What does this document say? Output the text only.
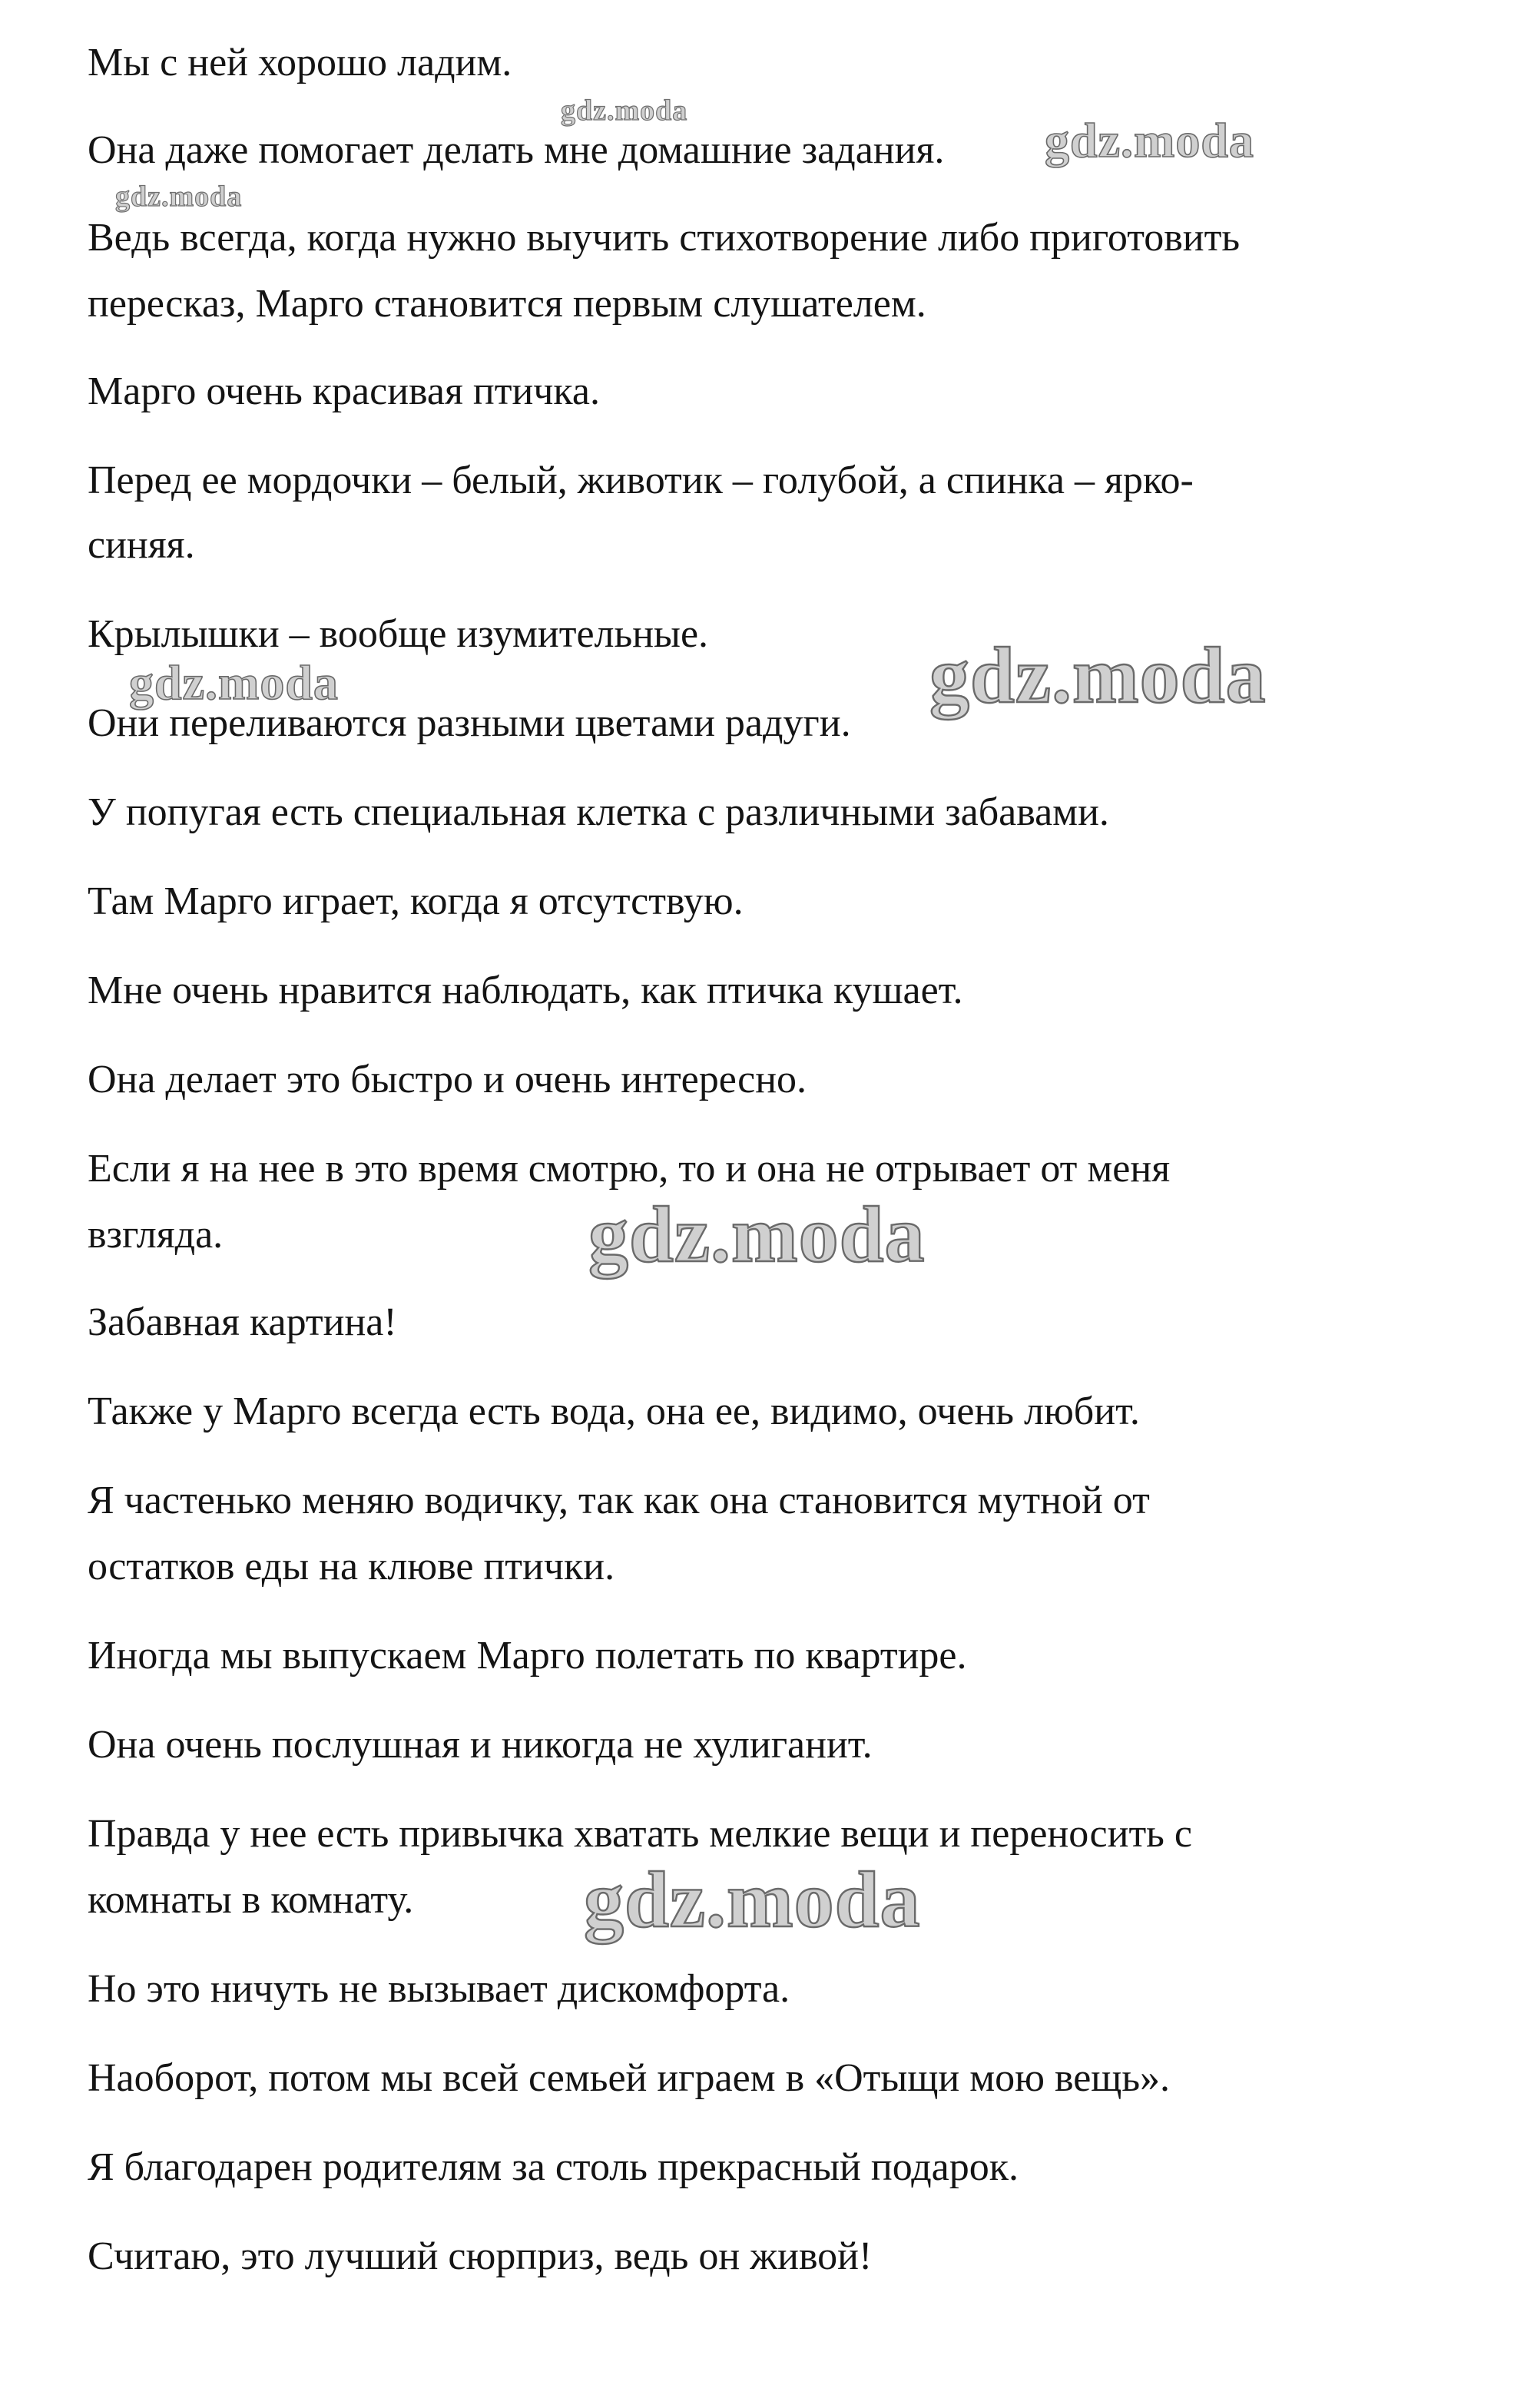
Мы с ней хорошо ладим.
Она даже помогает делать мне домашние задания.
Ведь всегда, когда нужно выучить стихотворение либо приготовить
пересказ, Марго становится первым слушателем.
Марго очень красивая птичка.
Перед ее мордочки – белый, животик – голубой, а спинка – ярко-
синяя.
Крылышки – вообще изумительные.
Они переливаются разными цветами радуги.
У попугая есть специальная клетка с различными забавами.
Там Марго играет, когда я отсутствую.
Мне очень нравится наблюдать, как птичка кушает.
Она делает это быстро и очень интересно.
Если я на нее в это время смотрю, то и она не отрывает от меня
взгляда.
Забавная картина!
Также у Марго всегда есть вода, она ее, видимо, очень любит.
Я частенько меняю водичку, так как она становится мутной от
остатков еды на клюве птички.
Иногда мы выпускаем Марго полетать по квартире.
Она очень послушная и никогда не хулиганит.
Правда у нее есть привычка хватать мелкие вещи и переносить с
комнаты в комнату.
Но это ничуть не вызывает дискомфорта.
Наоборот, потом мы всей семьей играем в «Отыщи мою вещь».
Я благодарен родителям за столь прекрасный подарок.
Считаю, это лучший сюрприз, ведь он живой!
gdz.moda
gdz.moda
gdz.moda
gdz.moda	gdz.moda
gdz.moda
gdz.moda
